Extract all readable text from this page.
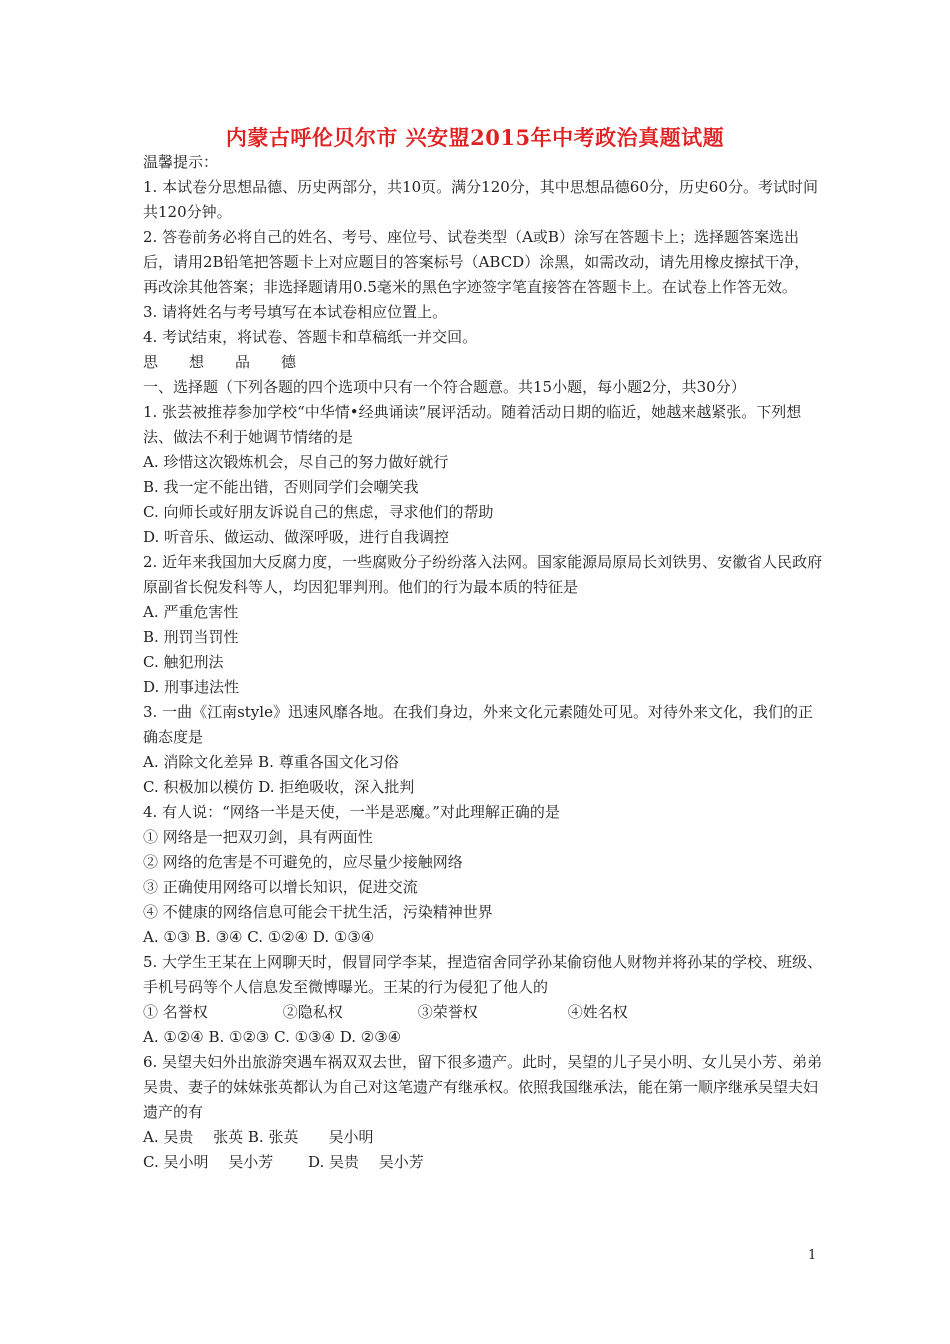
内蒙古呼伦贝尔市 兴安盟2015年中考政治真题试题

温馨提示：

1. 本试卷分思想品德、历史两部分，共10页。满分120分，其中思想品德60分，历史60分。考试时间共120分钟。

2. 答卷前务必将自己的姓名、考号、座位号、试卷类型（A或B）涂写在答题卡上；选择题答案选出后，请用2B铅笔把答题卡上对应题目的答案标号（ABCD）涂黑，如需改动，请先用橡皮擦拭干净，再改涂其他答案；非选择题请用0.5毫米的黑色字迹签字笔直接答在答题卡上。在试卷上作答无效。

3. 请将姓名与考号填写在本试卷相应位置上。

4. 考试结束，将试卷、答题卡和草稿纸一并交回。

思 想 品 德

一、选择题（下列各题的四个选项中只有一个符合题意。共15小题，每小题2分，共30分）

1. 张芸被推荐参加学校“中华情•经典诵读”展评活动。随着活动日期的临近，她越来越紧张。下列想法、做法不利于她调节情绪的是

A. 珍惜这次锻炼机会，尽自己的努力做好就行

B. 我一定不能出错，否则同学们会嘲笑我

C. 向师长或好朋友诉说自己的焦虑，寻求他们的帮助

D. 听音乐、做运动、做深呼吸，进行自我调控

2. 近年来我国加大反腐力度，一些腐败分子纷纷落入法网。国家能源局原局长刘铁男、安徽省人民政府原副省长倪发科等人，均因犯罪判刑。他们的行为最本质的特征是

A. 严重危害性

B. 刑罚当罚性

C. 触犯刑法

D. 刑事违法性

3. 一曲《江南style》迅速风靡各地。在我们身边，外来文化元素随处可见。对待外来文化，我们的正确态度是

A. 消除文化差异 B. 尊重各国文化习俗

C. 积极加以模仿 D. 拒绝吸收，深入批判

4. 有人说：“网络一半是天使，一半是恶魔。”对此理解正确的是

① 网络是一把双刃剑，具有两面性

② 网络的危害是不可避免的，应尽量少接触网络

③ 正确使用网络可以增长知识，促进交流

④ 不健康的网络信息可能会干扰生活，污染精神世界

A. ①③ B. ③④ C. ①②④ D. ①③④

5. 大学生王某在上网聊天时，假冒同学李某，捏造宿舍同学孙某偷窃他人财物并将孙某的学校、班级、手机号码等个人信息发至微博曝光。王某的行为侵犯了他人的

① 名誉权　　　　　②隐私权　　　　　③荣誉权　　　　　　④姓名权

A. ①②④ B. ①②③ C. ①③④ D. ②③④

6. 吴望夫妇外出旅游突遇车祸双双去世，留下很多遗产。此时，吴望的儿子吴小明、女儿吴小芳、弟弟吴贵、妻子的妹妹张英都认为自己对这笔遗产有继承权。依照我国继承法，能在第一顺序继承吴望夫妇遗产的有

A. 吴贵　 张英 B. 张英　　吴小明

C. 吴小明　 吴小芳　　 D. 吴贵　 吴小芳

1
